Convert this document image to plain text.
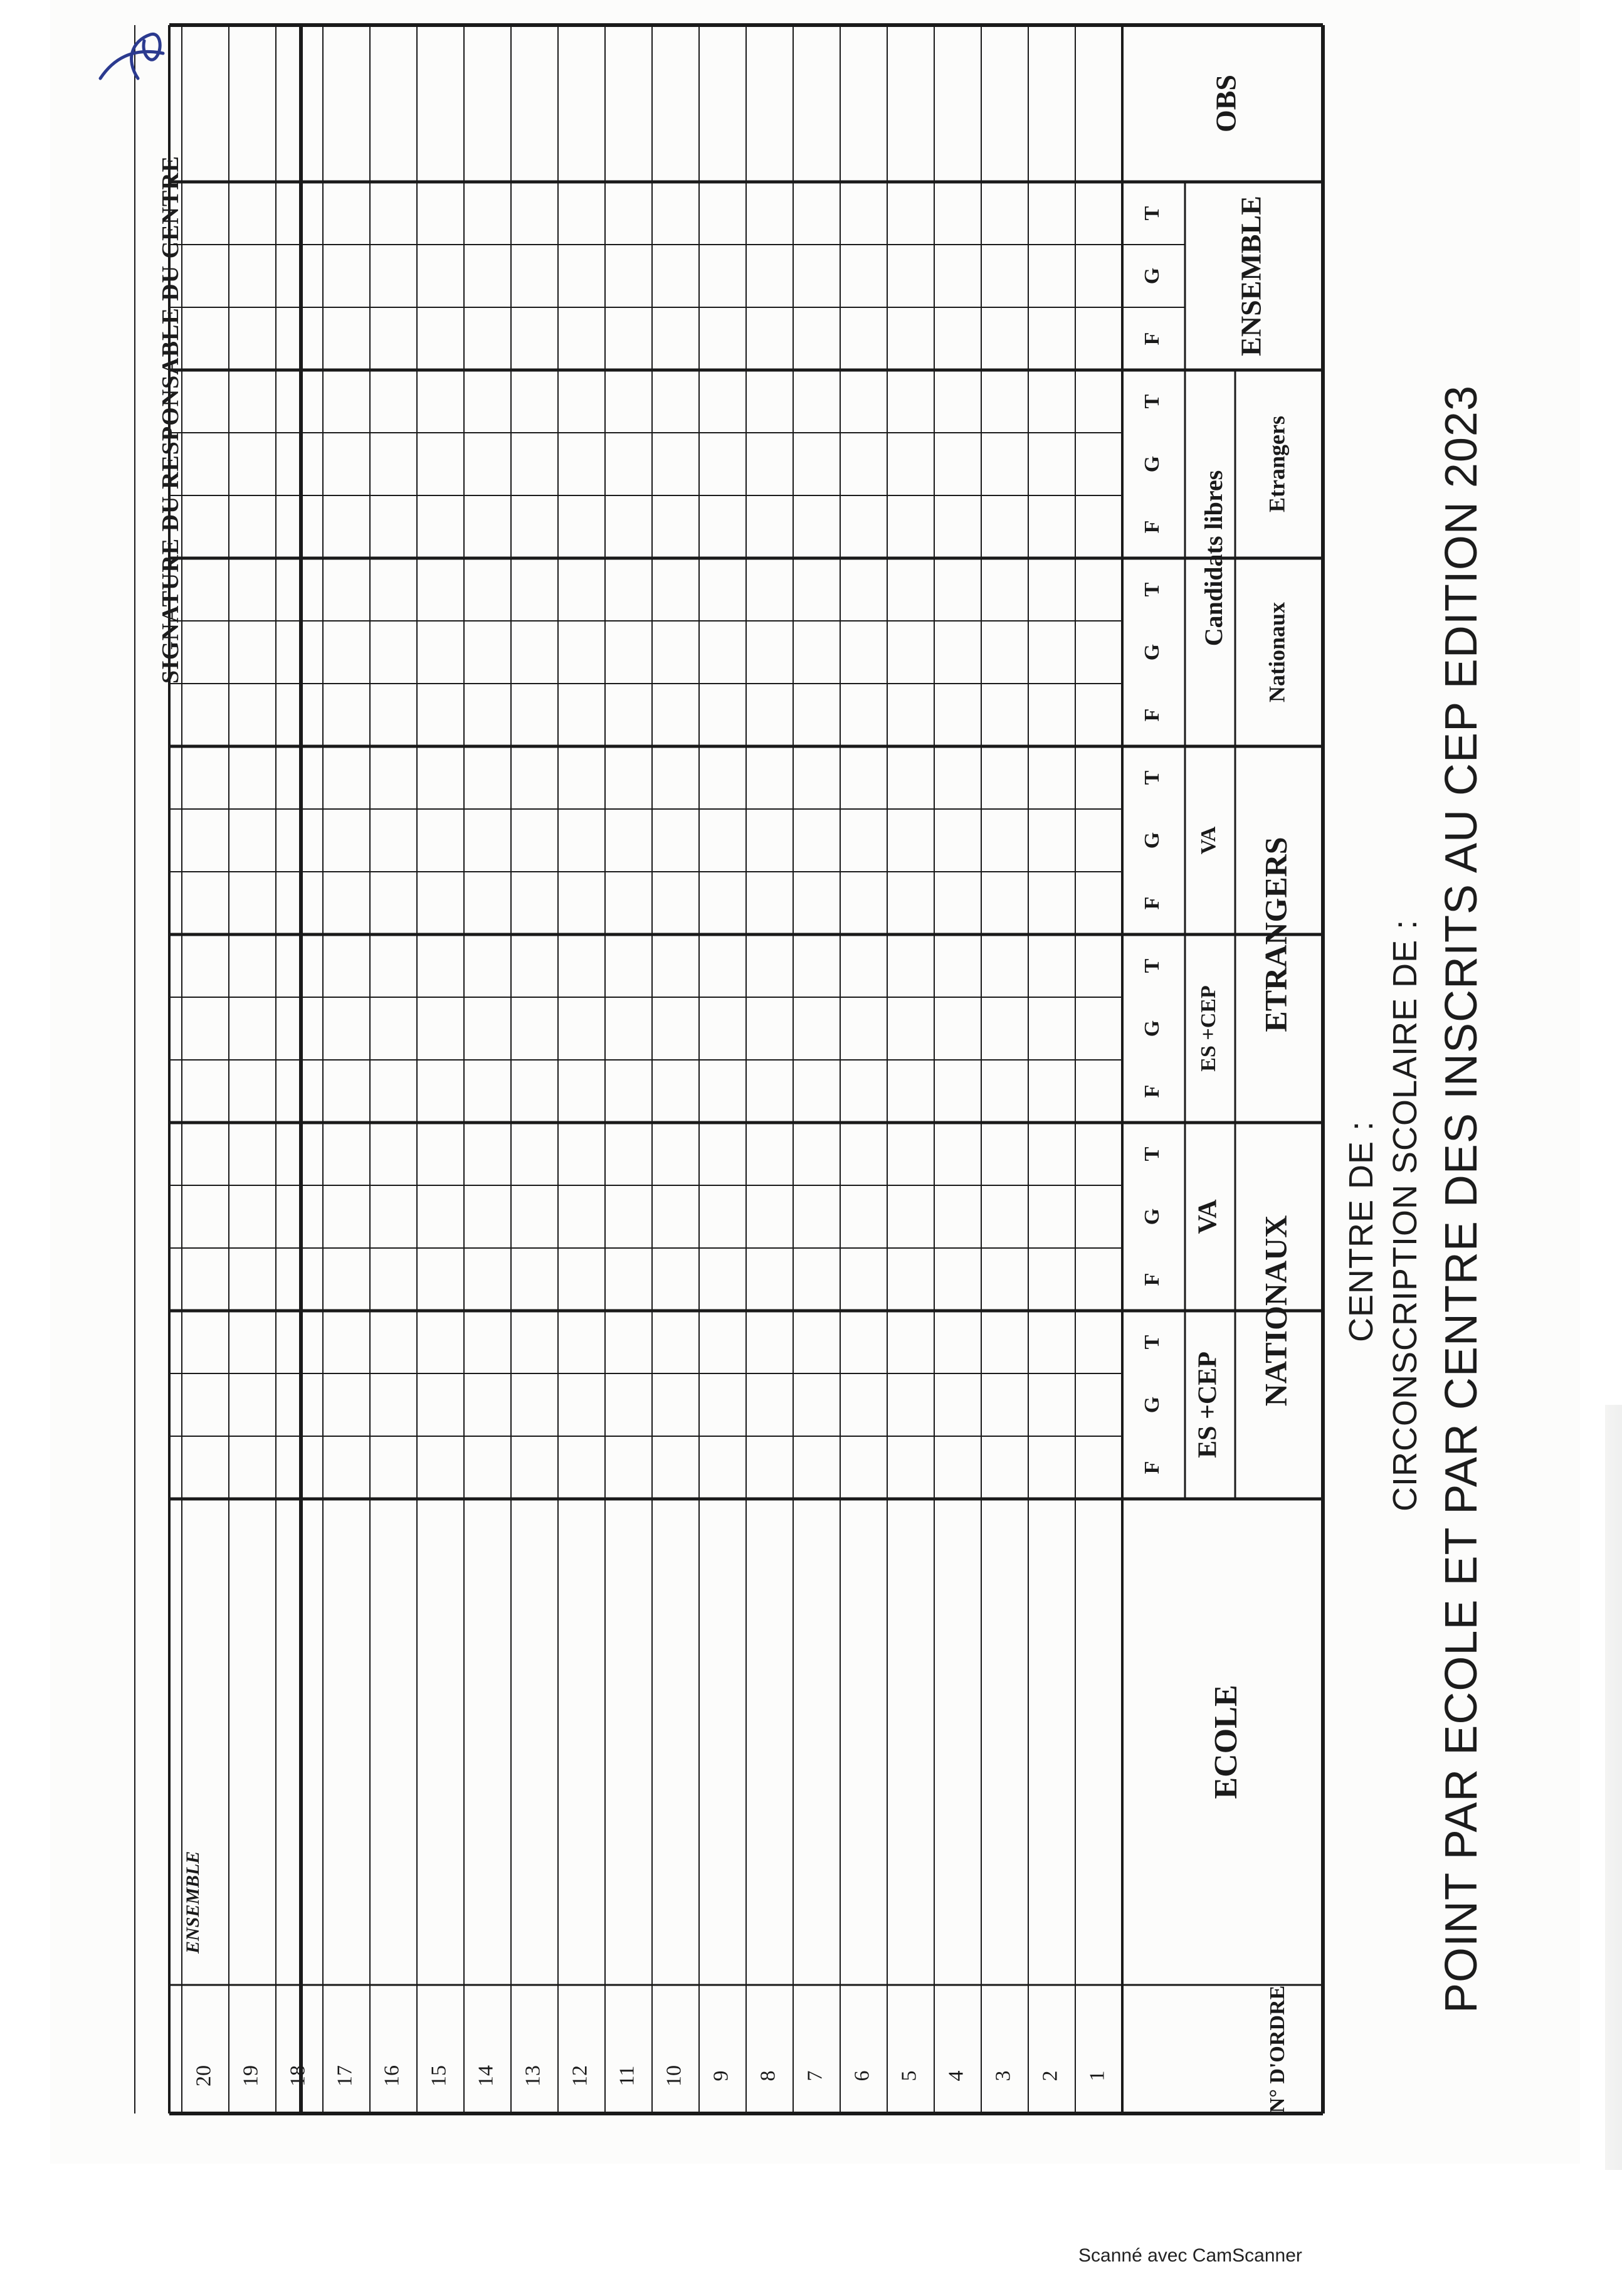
POINT PAR ECOLE ET PAR CENTRE DES INSCRITS AU CEP EDITION 2023
CIRCONSCRIPTION SCOLAIRE DE :
CENTRE DE :
N° D'ORDRE
ECOLE
NATIONAUX
ETRANGERS
ES +CEP
VA
ES +CEP
VA
Nationaux
Etrangers
Candidats libres
ENSEMBLE
OBS
F
G
T
F
G
T
F
G
T
F
G
T
F
G
T
F
G
T
F
G
T
1
2
3
4
5
6
7
8
9
10
11
12
13
14
15
16
17
18
19
20
ENSEMBLE
SIGNATURE DU RESPONSABLE DU CENTRE
Scanné avec CamScanner
